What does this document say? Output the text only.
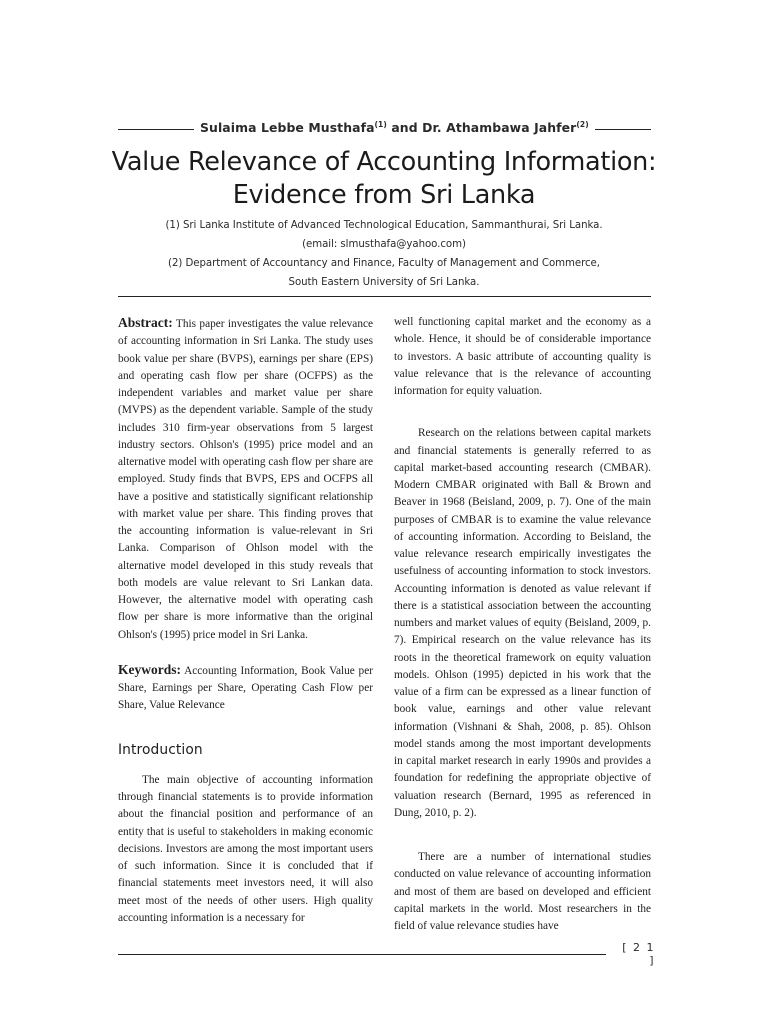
Sulaima Lebbe Musthafa$^{(1)}$ and Dr. Athambawa Jahfer$^{(2)}$
Value Relevance of Accounting Information:
Evidence from Sri Lanka
(1) Sri Lanka Institute of Advanced Technological Education, Sammanthurai, Sri Lanka.
(email: slmusthafa@yahoo.com)
(2) Department of Accountancy and Finance, Faculty of Management and Commerce,
South Eastern University of Sri Lanka.

Abstract: This paper investigates the value relevance of accounting information in Sri Lanka. The study uses book value per share (BVPS), earnings per share (EPS) and operating cash flow per share (OCFPS) as the independent variables and market value per share (MVPS) as the dependent variable. Sample of the study includes 310 firm-year observations from 5 largest industry sectors. Ohlson's (1995) price model and an alternative model with operating cash flow per share are employed. Study finds that BVPS, EPS and OCFPS all have a positive and statistically significant relationship with market value per share. This finding proves that the accounting information is value-relevant in Sri Lanka. Comparison of Ohlson model with the alternative model developed in this study reveals that both models are value relevant to Sri Lankan data. However, the alternative model with operating cash flow per share is more informative than the original Ohlson's (1995) price model in Sri Lanka.

Keywords: Accounting Information, Book Value per Share, Earnings per Share, Operating Cash Flow per Share, Value Relevance

Introduction

The main objective of accounting information through financial statements is to provide information about the financial position and performance of an entity that is useful to stakeholders in making economic decisions. Investors are among the most important users of such information. Since it is concluded that if financial statements meet investors need, it will also meet most of the needs of other users. High quality accounting information is a necessary for

well functioning capital market and the economy as a whole. Hence, it should be of considerable importance to investors. A basic attribute of accounting quality is value relevance that is the relevance of accounting information for equity valuation.

Research on the relations between capital markets and financial statements is generally referred to as capital market-based accounting research (CMBAR). Modern CMBAR originated with Ball & Brown and Beaver in 1968 (Beisland, 2009, p. 7). One of the main purposes of CMBAR is to examine the value relevance of accounting information. According to Beisland, the value relevance research empirically investigates the usefulness of accounting information to stock investors. Accounting information is denoted as value relevant if there is a statistical association between the accounting numbers and market values of equity (Beisland, 2009, p. 7). Empirical research on the value relevance has its roots in the theoretical framework on equity valuation models. Ohlson (1995) depicted in his work that the value of a firm can be expressed as a linear function of book value, earnings and other value relevant information (Vishnani & Shah, 2008, p. 85). Ohlson model stands among the most important developments in capital market research in early 1990s and provides a foundation for redefining the appropriate objective of valuation research (Bernard, 1995 as referenced in Dung, 2010, p. 2).

There are a number of international studies conducted on value relevance of accounting information and most of them are based on developed and efficient capital markets in the world. Most researchers in the field of value relevance studies have

[ 2 1 ]
